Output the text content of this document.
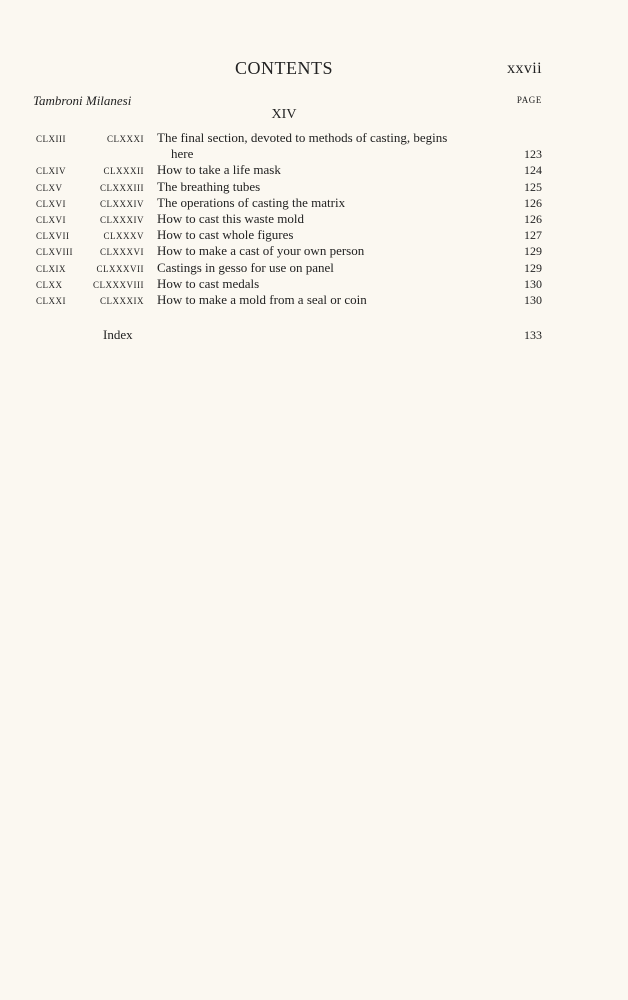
CONTENTS	xxvii
Tambroni Milanesi	PAGE
XIV
CLXIII	CLXXXI The final section, devoted to methods of casting, begins
here	123
CLXIV	CLXXXII How to take a life mask	124
CLXV	CLXXXIII The breathing tubes	125
CLXVI	CLXXXIV The operations of casting the matrix	126
CLXVI	CLXXXIV How to cast this waste mold	126
CLXVII	CLXXXV How to cast whole figures	127
CLXVIII	CLXXXVI How to make a cast of your own person	129
CLXIX	CLXXXVII Castings in gesso for use on panel	129
CLXX	CLXXXVIII How to cast medals	130
CLXXI	CLXXXIX How to make a mold from a seal or coin	130
Index	133
